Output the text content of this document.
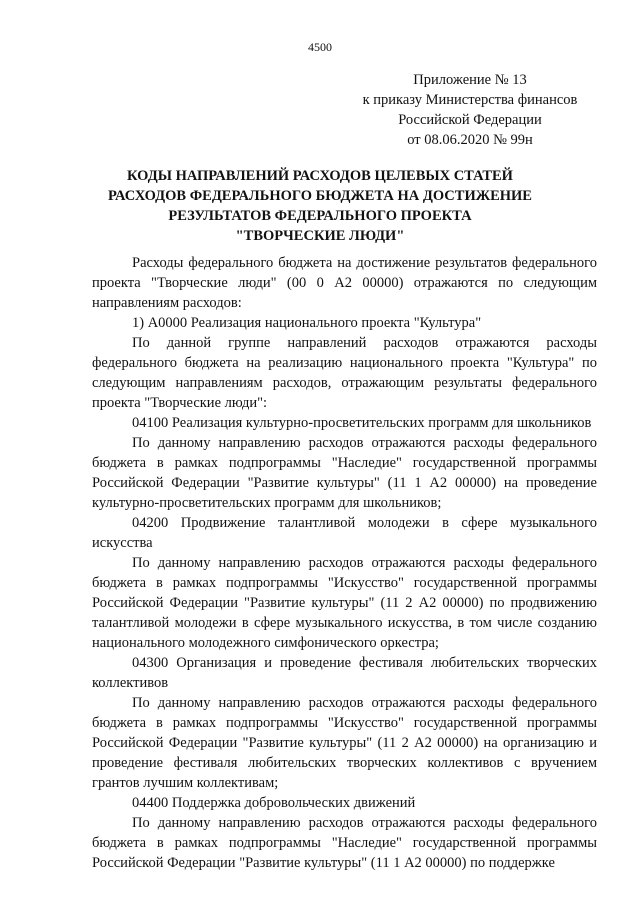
4500
Приложение № 13
к приказу Министерства финансов
Российской Федерации
от 08.06.2020 № 99н
КОДЫ НАПРАВЛЕНИЙ РАСХОДОВ ЦЕЛЕВЫХ СТАТЕЙ
РАСХОДОВ ФЕДЕРАЛЬНОГО БЮДЖЕТА НА ДОСТИЖЕНИЕ
РЕЗУЛЬТАТОВ ФЕДЕРАЛЬНОГО ПРОЕКТА
"ТВОРЧЕСКИЕ ЛЮДИ"

Расходы федерального бюджета на достижение результатов федерального проекта "Творческие люди" (00 0 А2 00000) отражаются по следующим направлениям расходов:

1) А0000 Реализация национального проекта "Культура"

По данной группе направлений расходов отражаются расходы федерального бюджета на реализацию национального проекта "Культура" по следующим направлениям расходов, отражающим результаты федерального проекта "Творческие люди":

04100 Реализация культурно-просветительских программ для школьников

По данному направлению расходов отражаются расходы федерального бюджета в рамках подпрограммы "Наследие" государственной программы Российской Федерации "Развитие культуры" (11 1 А2 00000) на проведение культурно-просветительских программ для школьников;

04200 Продвижение талантливой молодежи в сфере музыкального искусства

По данному направлению расходов отражаются расходы федерального бюджета в рамках подпрограммы "Искусство" государственной программы Российской Федерации "Развитие культуры" (11 2 А2 00000) по продвижению талантливой молодежи в сфере музыкального искусства, в том числе созданию национального молодежного симфонического оркестра;

04300 Организация и проведение фестиваля любительских творческих коллективов

По данному направлению расходов отражаются расходы федерального бюджета в рамках подпрограммы "Искусство" государственной программы Российской Федерации "Развитие культуры" (11 2 А2 00000) на организацию и проведение фестиваля любительских творческих коллективов с вручением грантов лучшим коллективам;

04400 Поддержка добровольческих движений

По данному направлению расходов отражаются расходы федерального бюджета в рамках подпрограммы "Наследие" государственной программы Российской Федерации "Развитие культуры" (11 1 А2 00000) по поддержке
